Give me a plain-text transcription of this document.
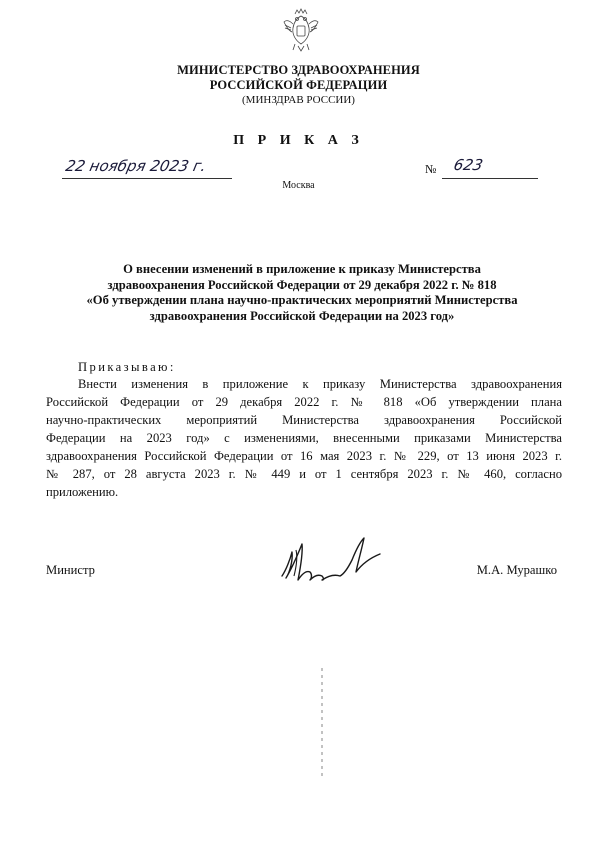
МИНИСТЕРСТВО ЗДРАВООХРАНЕНИЯ
РОССИЙСКОЙ ФЕДЕРАЦИИ
(МИНЗДРАВ РОССИИ)
П Р И К А З
22 ноября 2023 г.	№ 623
Москва
О внесении изменений в приложение к приказу Министерства
здравоохранения Российской Федерации от 29 декабря 2022 г. № 818
«Об утверждении плана научно-практических мероприятий Министерства
здравоохранения Российской Федерации на 2023 год»
Приказываю:
Внести изменения в приложение к приказу Министерства здравоохранения
Российской Федерации от 29 декабря 2022 г. № 818 «Об утверждении плана
научно-практических мероприятий Министерства здравоохранения Российской
Федерации на 2023 год» с изменениями, внесенными приказами Министерства
здравоохранения Российской Федерации от 16 мая 2023 г. № 229, от 13 июня 2023 г.
№ 287, от 28 августа 2023 г. № 449 и от 1 сентября 2023 г. № 460, согласно
приложению.
Министр	М.А. Мурашко
